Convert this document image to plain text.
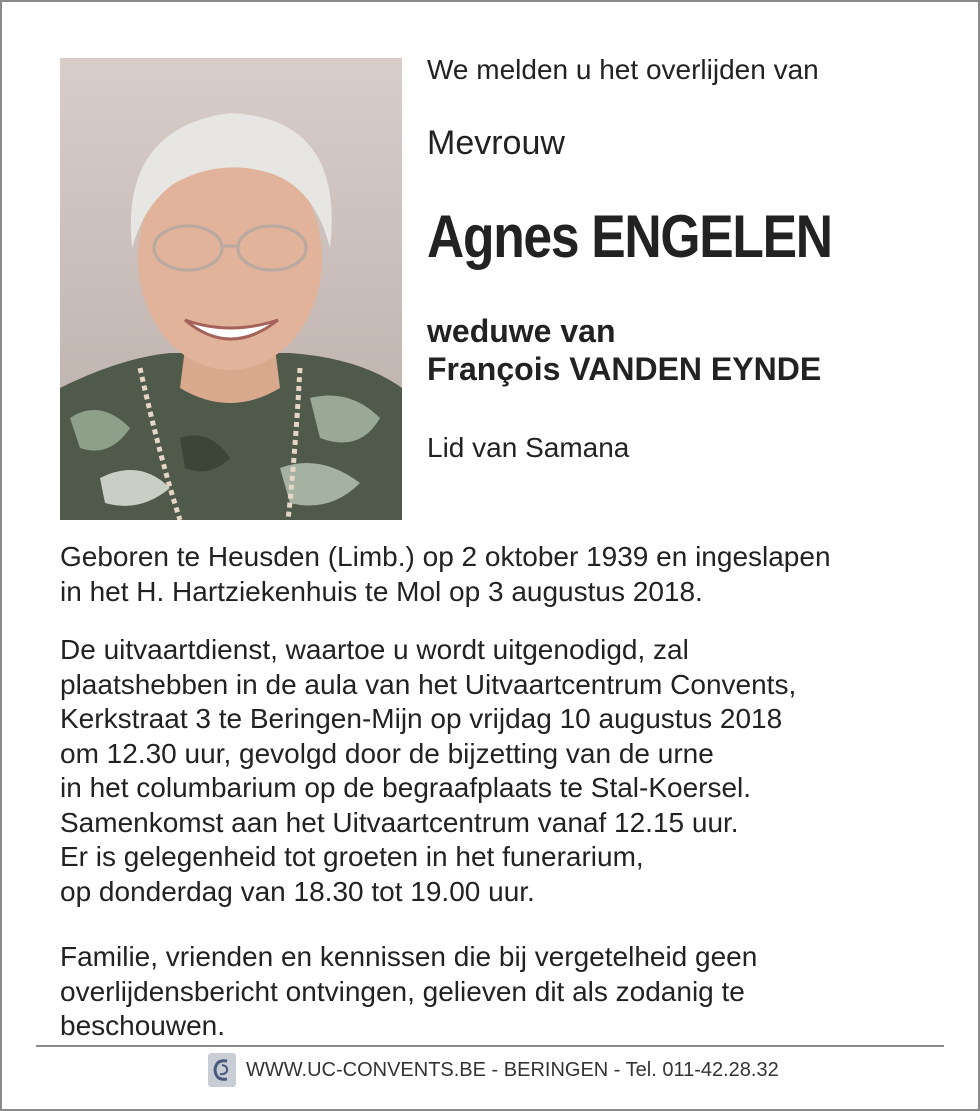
We melden u het overlijden van
Mevrouw
Agnes ENGELEN
weduwe van
François VANDEN EYNDE
Lid van Samana
Geboren te Heusden (Limb.) op 2 oktober 1939 en ingeslapen
in het H. Hartziekenhuis te Mol op 3 augustus 2018.
De uitvaartdienst, waartoe u wordt uitgenodigd, zal
plaatshebben in de aula van het Uitvaartcentrum Convents,
Kerkstraat 3 te Beringen-Mijn op vrijdag 10 augustus 2018
om 12.30 uur, gevolgd door de bijzetting van de urne
in het columbarium op de begraafplaats te Stal-Koersel.
Samenkomst aan het Uitvaartcentrum vanaf 12.15 uur.
Er is gelegenheid tot groeten in het funerarium,
op donderdag van 18.30 tot 19.00 uur.
Familie, vrienden en kennissen die bij vergetelheid geen
overlijdensbericht ontvingen, gelieven dit als zodanig te
beschouwen.
WWW.UC-CONVENTS.BE - BERINGEN - Tel. 011-42.28.32
